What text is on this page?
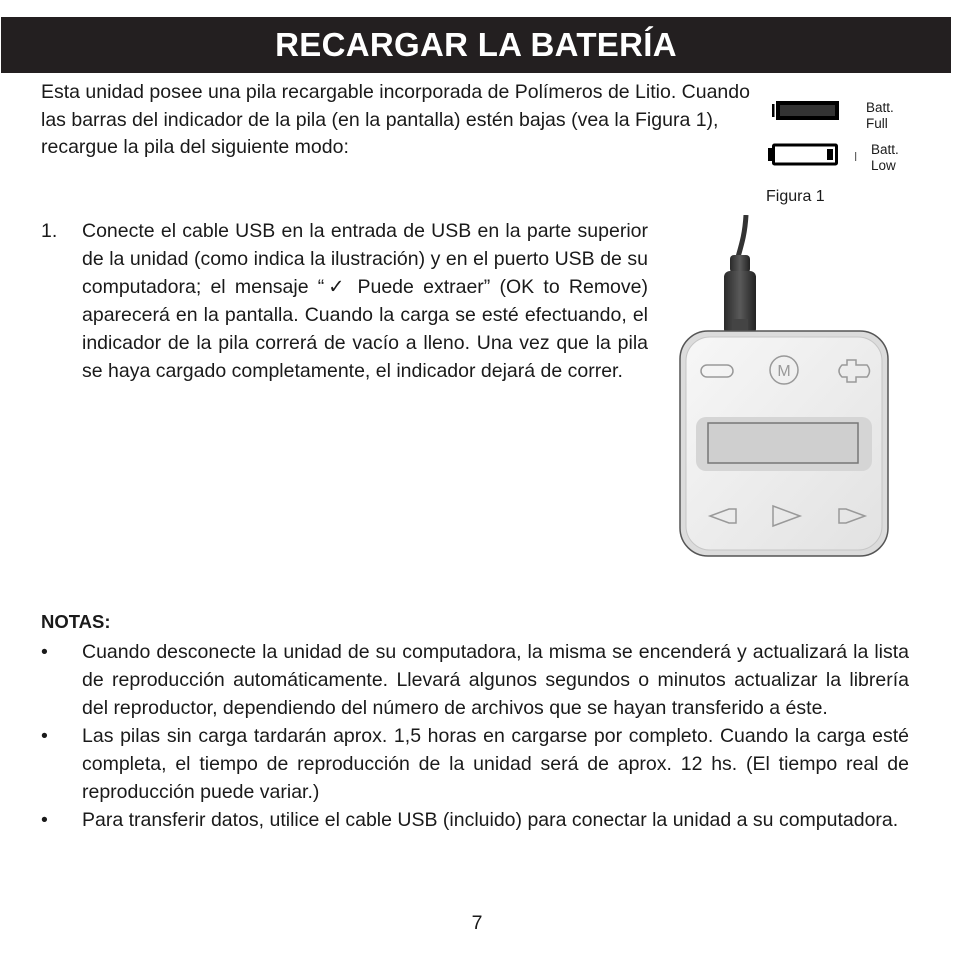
RECARGAR LA BATERÍA

Esta unidad posee una pila recargable incorporada de Polímeros de Litio. Cuando las barras del indicador de la pila (en la pantalla) estén bajas (vea la Figura 1), recargue la pila del siguiente modo:

Batt.
Full
Batt.
Low

Figura 1

1. Conecte el cable USB en la entrada de USB en la parte superior de la unidad (como indica la ilustración) y en el puerto USB de su computadora; el mensaje “✓ Puede extraer” (OK to Remove) aparecerá en la pantalla. Cuando la carga se esté efectuando, el indicador de la pila correrá de vacío a lleno. Una vez que la pila se haya cargado completamente, el indicador dejará de correr.	M

NOTAS:

• Cuando desconecte la unidad de su computadora, la misma se encenderá y actualizará la lista de reproducción automáticamente. Llevará algunos segundos o minutos actualizar la librería del reproductor, dependiendo del número de archivos que se hayan transferido a éste.
• Las pilas sin carga tardarán aprox. 1,5 horas en cargarse por completo. Cuando la carga esté completa, el tiempo de reproducción de la unidad será de aprox. 12 hs. (El tiempo real de reproducción puede variar.)
• Para transferir datos, utilice el cable USB (incluido) para conectar la unidad a su computadora.

7
